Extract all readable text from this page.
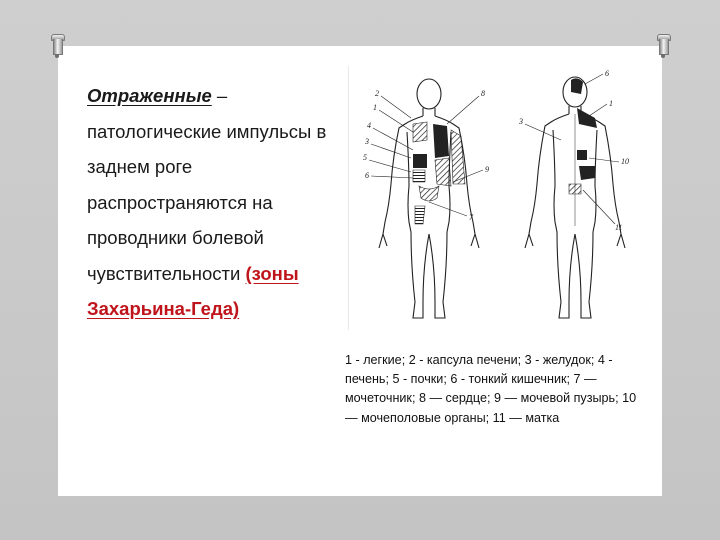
Отраженные – патологические импульсы в заднем роге распространяются на проводники болевой чувствительности (зоны Захарьина-Геда)
2
1
4
3
5
6
8
9
7
6
1
3
10
11
1 - легкие; 2 - капсула печени; 3 - желудок; 4 - печень; 5 - почки; 6 - тонкий кишечник; 7 — мочеточник; 8 — сердце; 9 — мочевой пузырь; 10 — мочеполовые органы; 11 — матка
